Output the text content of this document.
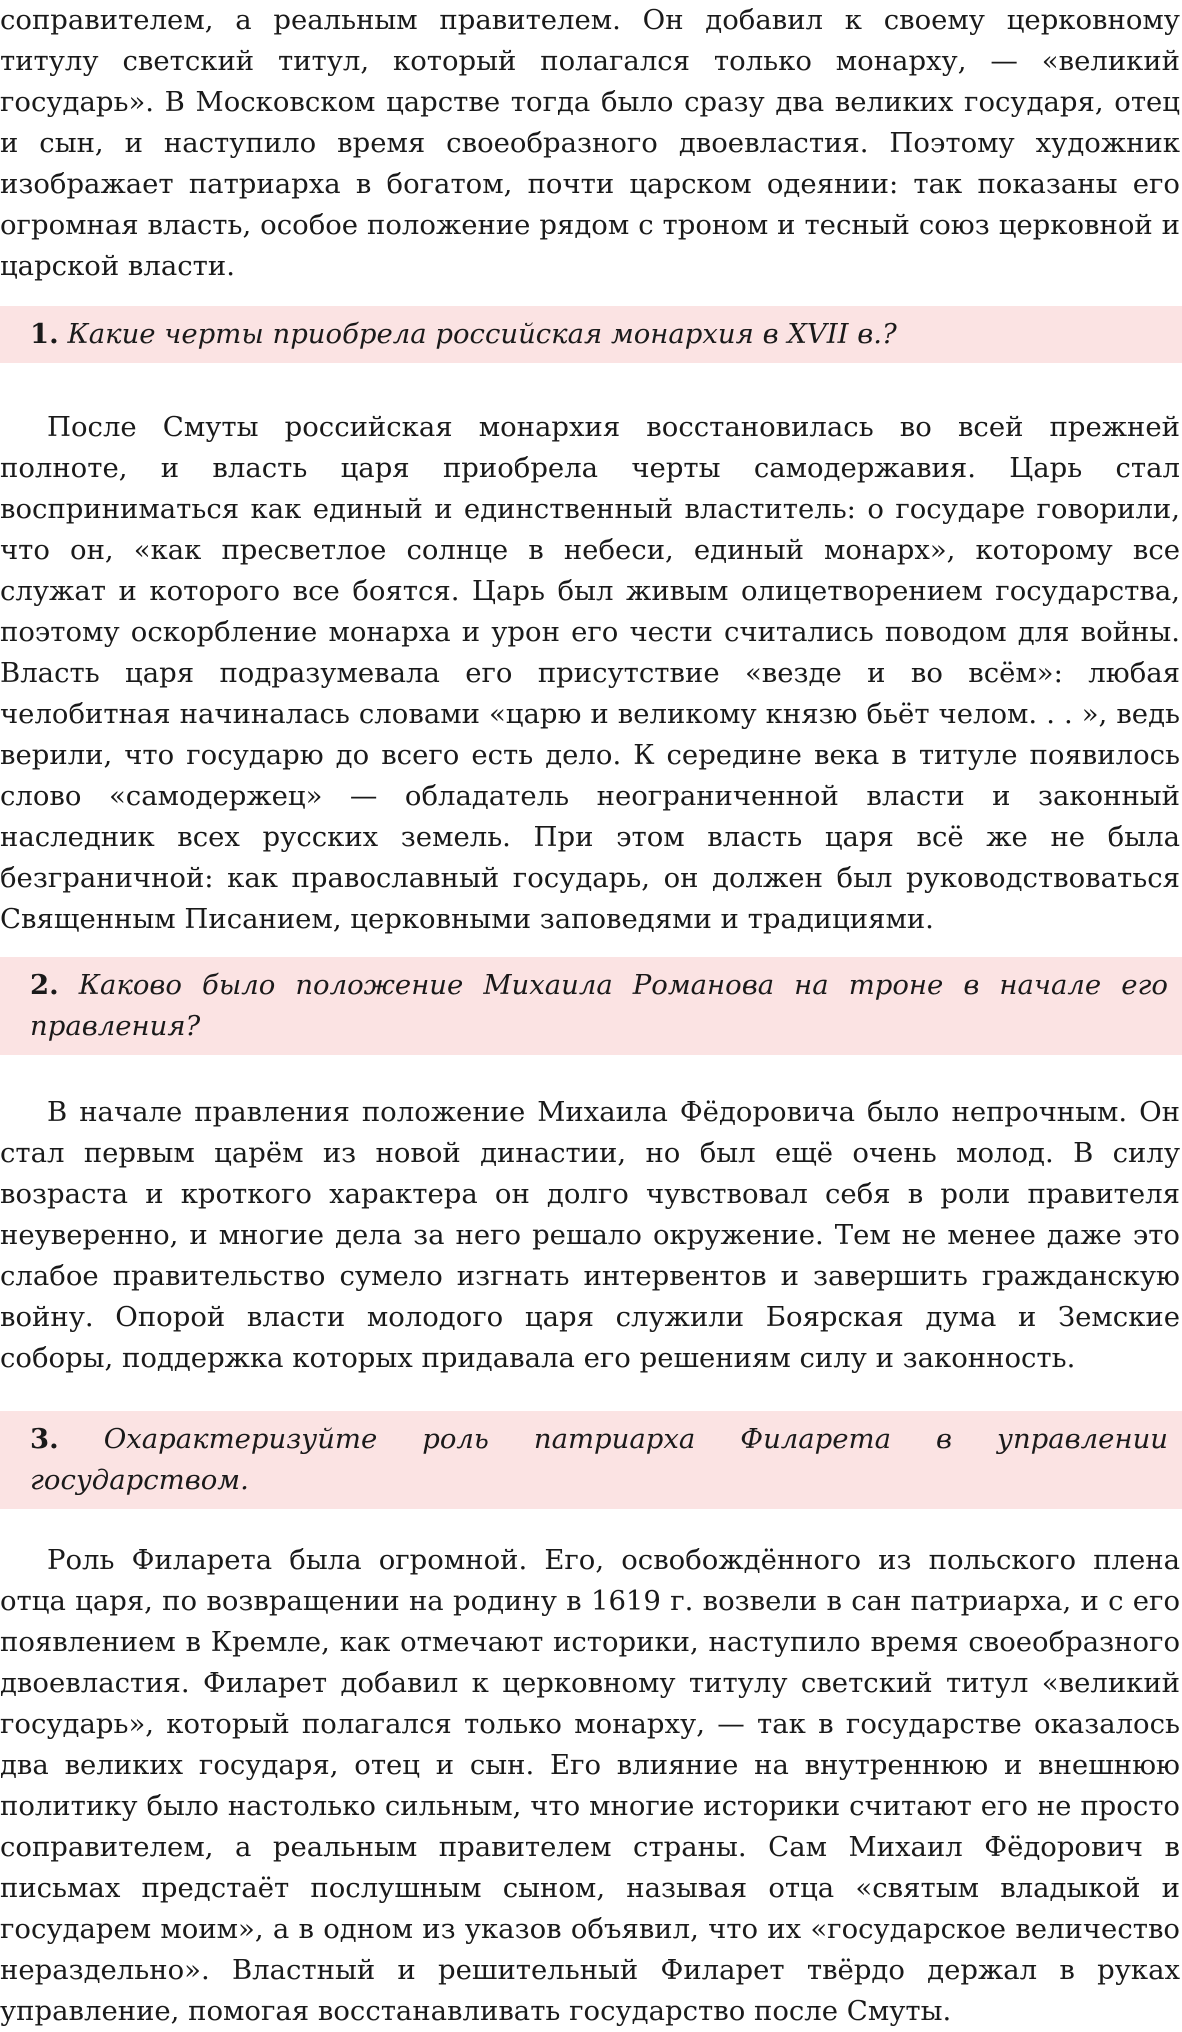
соправителем, а реальным правителем. Он добавил к своему церковному титулу светский титул, который полагался только монарху, — «великий государь». В Московском царстве тогда было сразу два великих государя, отец и сын, и наступило время своеобразного двоевластия. Поэтому художник изображает патриарха в богатом, почти царском одеянии: так показаны его огромная власть, особое положение рядом с троном и тесный союз церковной и царской власти.

1. Какие черты приобрела российская монархия в XVII в.?

После Смуты российская монархия восстановилась во всей прежней полноте, и власть царя приобрела черты самодержавия. Царь стал восприниматься как единый и единственный властитель: о государе говорили, что он, «как пресветлое солнце в небеси, единый монарх», которому все служат и которого все боятся. Царь был живым олицетворением государства, поэтому оскорбление монарха и урон его чести считались поводом для войны. Власть царя подразумевала его присутствие «везде и во всём»: любая челобитная начиналась словами «царю и великому князю бьёт челом. . . », ведь верили, что государю до всего есть дело. К середине века в титуле появилось слово «самодержец» — обладатель неограниченной власти и законный наследник всех русских земель. При этом власть царя всё же не была безграничной: как православный государь, он должен был руководствоваться Священным Писанием, церковными заповедями и традициями.

2. Каково было положение Михаила Романова на троне в начале его правления?

В начале правления положение Михаила Фёдоровича было непрочным. Он стал первым царём из новой династии, но был ещё очень молод. В силу возраста и кроткого характера он долго чувствовал себя в роли правителя неуверенно, и многие дела за него решало окружение. Тем не менее даже это слабое правительство сумело изгнать интервентов и завершить гражданскую войну. Опорой власти молодого царя служили Боярская дума и Земские соборы, поддержка которых придавала его решениям силу и законность.

3. Охарактеризуйте роль патриарха Филарета в управлении государством.

Роль Филарета была огромной. Его, освобождённого из польского плена отца царя, по возвращении на родину в 1619 г. возвели в сан патриарха, и с его появлением в Кремле, как отмечают историки, наступило время своеобразного двоевластия. Филарет добавил к церковному титулу светский титул «великий государь», который полагался только монарху, — так в государстве оказалось два великих государя, отец и сын. Его влияние на внутреннюю и внешнюю политику было настолько сильным, что многие историки считают его не просто соправителем, а реальным правителем страны. Сам Михаил Фёдорович в письмах предстаёт послушным сыном, называя отца «святым владыкой и государем моим», а в одном из указов объявил, что их «государское величество нераздельно». Властный и решительный Филарет твёрдо держал в руках управление, помогая восстанавливать государство после Смуты.
